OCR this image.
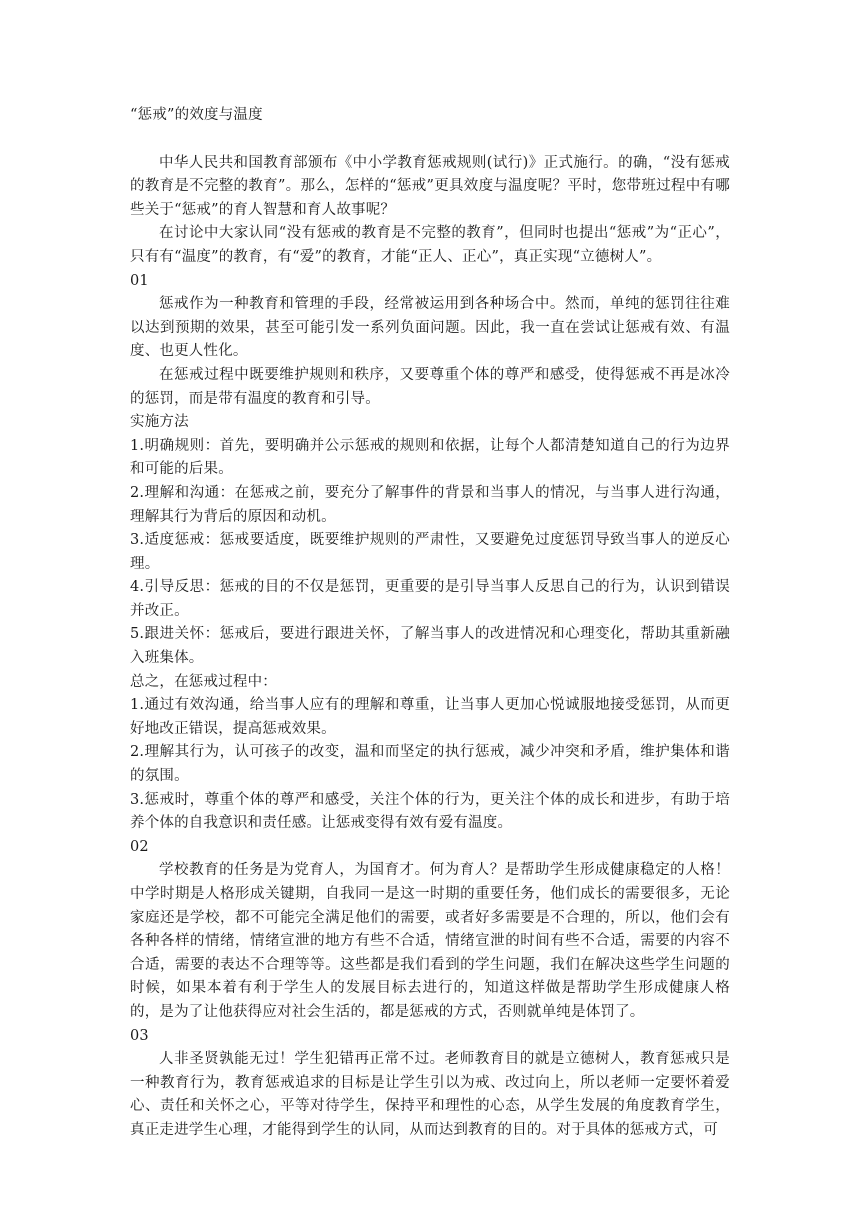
“惩戒”的效度与温度

中华人民共和国教育部颁布《中小学教育惩戒规则(试行)》正式施行。的确，“没有惩戒的教育是不完整的教育”。那么，怎样的“惩戒”更具效度与温度呢？平时，您带班过程中有哪些关于“惩戒”的育人智慧和育人故事呢？

在讨论中大家认同“没有惩戒的教育是不完整的教育”，但同时也提出“惩戒”为“正心”，只有有“温度”的教育，有“爱”的教育，才能“正人、正心”，真正实现“立德树人”。

01

惩戒作为一种教育和管理的手段，经常被运用到各种场合中。然而，单纯的惩罚往往难以达到预期的效果，甚至可能引发一系列负面问题。因此，我一直在尝试让惩戒有效、有温度、也更人性化。

在惩戒过程中既要维护规则和秩序，又要尊重个体的尊严和感受，使得惩戒不再是冰冷的惩罚，而是带有温度的教育和引导。

实施方法

1.明确规则：首先，要明确并公示惩戒的规则和依据，让每个人都清楚知道自己的行为边界和可能的后果。

2.理解和沟通：在惩戒之前，要充分了解事件的背景和当事人的情况，与当事人进行沟通，理解其行为背后的原因和动机。

3.适度惩戒：惩戒要适度，既要维护规则的严肃性，又要避免过度惩罚导致当事人的逆反心理。

4.引导反思：惩戒的目的不仅是惩罚，更重要的是引导当事人反思自己的行为，认识到错误并改正。

5.跟进关怀：惩戒后，要进行跟进关怀，了解当事人的改进情况和心理变化，帮助其重新融入班集体。

总之，在惩戒过程中：

1.通过有效沟通，给当事人应有的理解和尊重，让当事人更加心悦诚服地接受惩罚，从而更好地改正错误，提高惩戒效果。

2.理解其行为，认可孩子的改变，温和而坚定的执行惩戒，减少冲突和矛盾，维护集体和谐的氛围。

3.惩戒时，尊重个体的尊严和感受，关注个体的行为，更关注个体的成长和进步，有助于培养个体的自我意识和责任感。让惩戒变得有效有爱有温度。

02

学校教育的任务是为党育人，为国育才。何为育人？是帮助学生形成健康稳定的人格！中学时期是人格形成关键期，自我同一是这一时期的重要任务，他们成长的需要很多，无论家庭还是学校，都不可能完全满足他们的需要，或者好多需要是不合理的，所以，他们会有各种各样的情绪，情绪宣泄的地方有些不合适，情绪宣泄的时间有些不合适，需要的内容不合适，需要的表达不合理等等。这些都是我们看到的学生问题，我们在解决这些学生问题的时候，如果本着有利于学生人的发展目标去进行的，知道这样做是帮助学生形成健康人格的，是为了让他获得应对社会生活的，都是惩戒的方式，否则就单纯是体罚了。

03

人非圣贤孰能无过！学生犯错再正常不过。老师教育目的就是立德树人，教育惩戒只是一种教育行为，教育惩戒追求的目标是让学生引以为戒、改过向上，所以老师一定要怀着爱心、责任和关怀之心，平等对待学生，保持平和理性的心态，从学生发展的角度教育学生，真正走进学生心理，才能得到学生的认同，从而达到教育的目的。对于具体的惩戒方式，可
